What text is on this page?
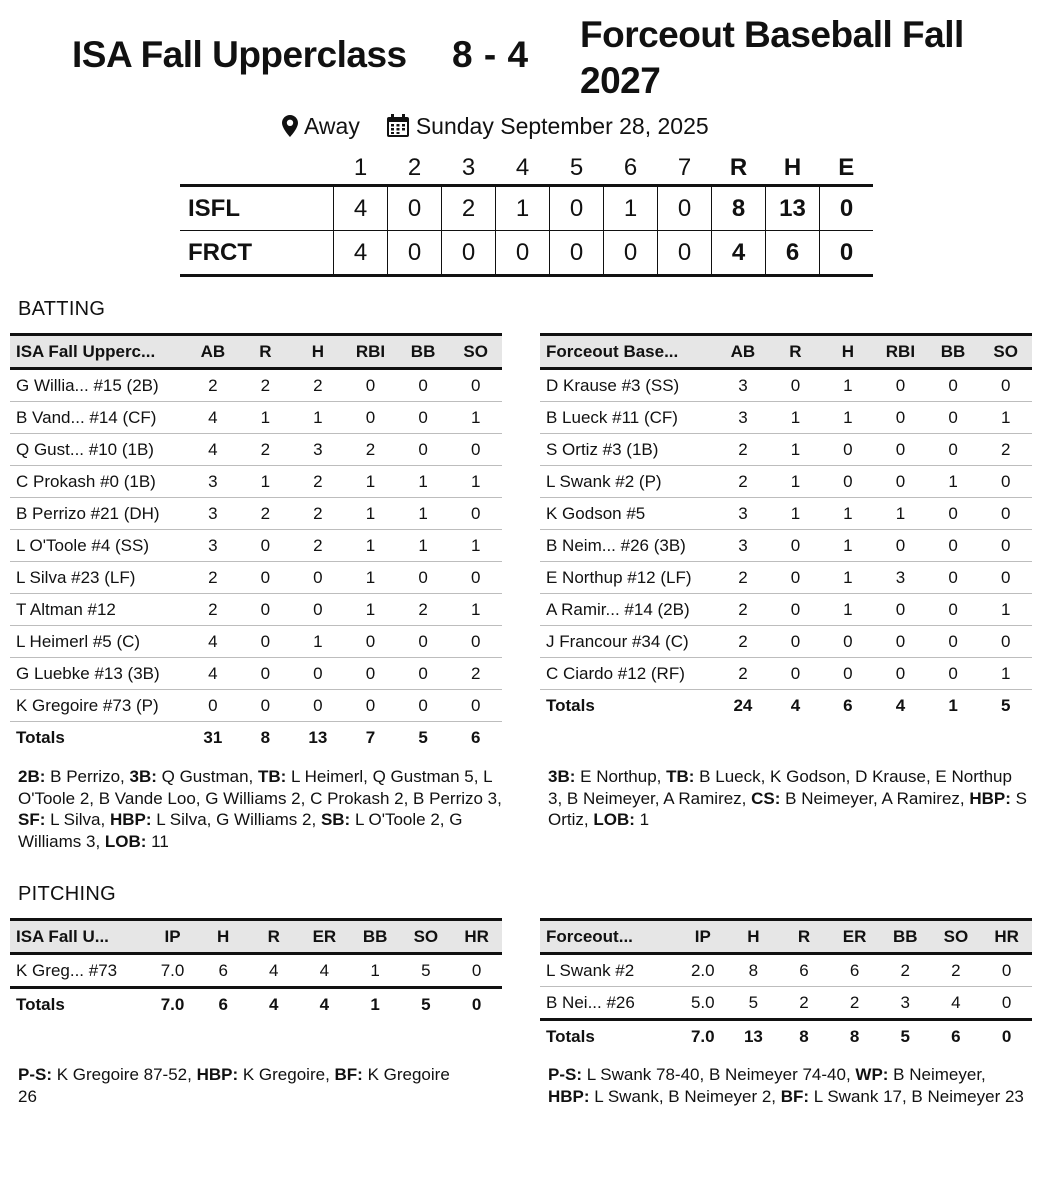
ISA Fall Upperclass 8 - 4 Forceout Baseball Fall 2027
Away Sunday September 28, 2025
	1	2	3	4	5	6	7	R	H	E
ISFL	4	0	2	1	0	1	0	8	13	0
FRCT	4	0	0	0	0	0	0	4	6	0
BATTING
ISA Fall Upperc...	AB	R	H	RBI	BB	SO
G Willia... #15 (2B)	2	2	2	0	0	0
B Vand... #14 (CF)	4	1	1	0	0	1
Q Gust... #10 (1B)	4	2	3	2	0	0
C Prokash #0 (1B)	3	1	2	1	1	1
B Perrizo #21 (DH)	3	2	2	1	1	0
L O'Toole #4 (SS)	3	0	2	1	1	1
L Silva #23 (LF)	2	0	0	1	0	0
T Altman #12	2	0	0	1	2	1
L Heimerl #5 (C)	4	0	1	0	0	0
G Luebke #13 (3B)	4	0	0	0	0	2
K Gregoire #73 (P)	0	0	0	0	0	0
Totals	31	8	13	7	5	6
Forceout Base...	AB	R	H	RBI	BB	SO
D Krause #3 (SS)	3	0	1	0	0	0
B Lueck #11 (CF)	3	1	1	0	0	1
S Ortiz #3 (1B)	2	1	0	0	0	2
L Swank #2 (P)	2	1	0	0	1	0
K Godson #5	3	1	1	1	0	0
B Neim... #26 (3B)	3	0	1	0	0	0
E Northup #12 (LF)	2	0	1	3	0	0
A Ramir... #14 (2B)	2	0	1	0	0	1
J Francour #34 (C)	2	0	0	0	0	0
C Ciardo #12 (RF)	2	0	0	0	0	1
Totals	24	4	6	4	1	5
2B: B Perrizo, 3B: Q Gustman, TB: L Heimerl, Q Gustman 5, L O'Toole 2, B Vande Loo, G Williams 2, C Prokash 2, B Perrizo 3, SF: L Silva, HBP: L Silva, G Williams 2, SB: L O'Toole 2, G Williams 3, LOB: 11
3B: E Northup, TB: B Lueck, K Godson, D Krause, E Northup 3, B Neimeyer, A Ramirez, CS: B Neimeyer, A Ramirez, HBP: S Ortiz, LOB: 1
PITCHING
ISA Fall U...	IP	H	R	ER	BB	SO	HR
K Greg... #73	7.0	6	4	4	1	5	0
Totals	7.0	6	4	4	1	5	0
Forceout...	IP	H	R	ER	BB	SO	HR
L Swank #2	2.0	8	6	6	2	2	0
B Nei... #26	5.0	5	2	2	3	4	0
Totals	7.0	13	8	8	5	6	0
P-S: K Gregoire 87-52, HBP: K Gregoire, BF: K Gregoire 26
P-S: L Swank 78-40, B Neimeyer 74-40, WP: B Neimeyer, HBP: L Swank, B Neimeyer 2, BF: L Swank 17, B Neimeyer 23
